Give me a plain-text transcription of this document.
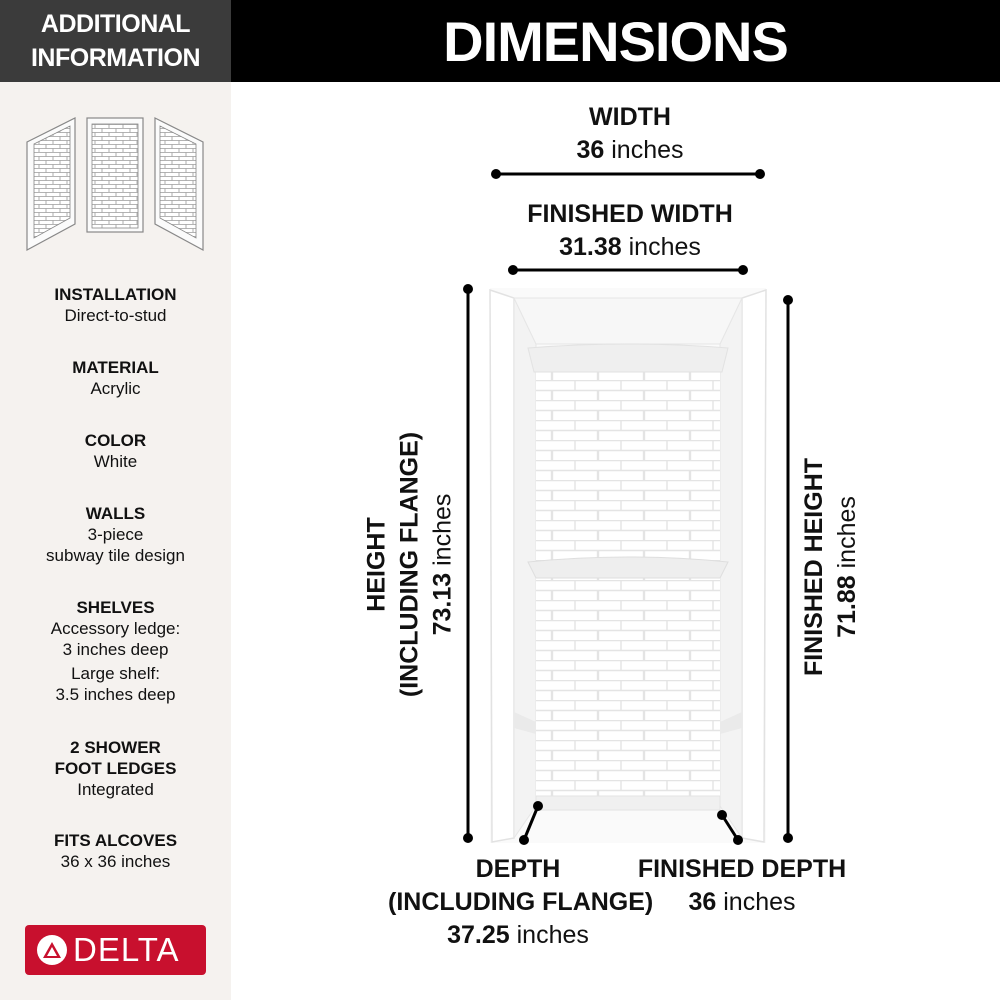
ADDITIONAL
INFORMATION
INSTALLATION
Direct-to-stud
MATERIAL
Acrylic
COLOR
White
WALLS
3-piece
subway tile design
SHELVES
Accessory ledge:
3 inches deep
Large shelf:
3.5 inches deep
2 SHOWER
FOOT LEDGES
Integrated
FITS ALCOVES
36 x 36 inches
DELTA
DIMENSIONS
WIDTH
36 inches
FINISHED WIDTH
31.38 inches
HEIGHT (INCLUDING FLANGE) 73.13 inches	FINISHED HEIGHT 71.88 inches
DEPTH
(INCLUDING FLANGE)
37.25 inches
FINISHED DEPTH
36 inches
